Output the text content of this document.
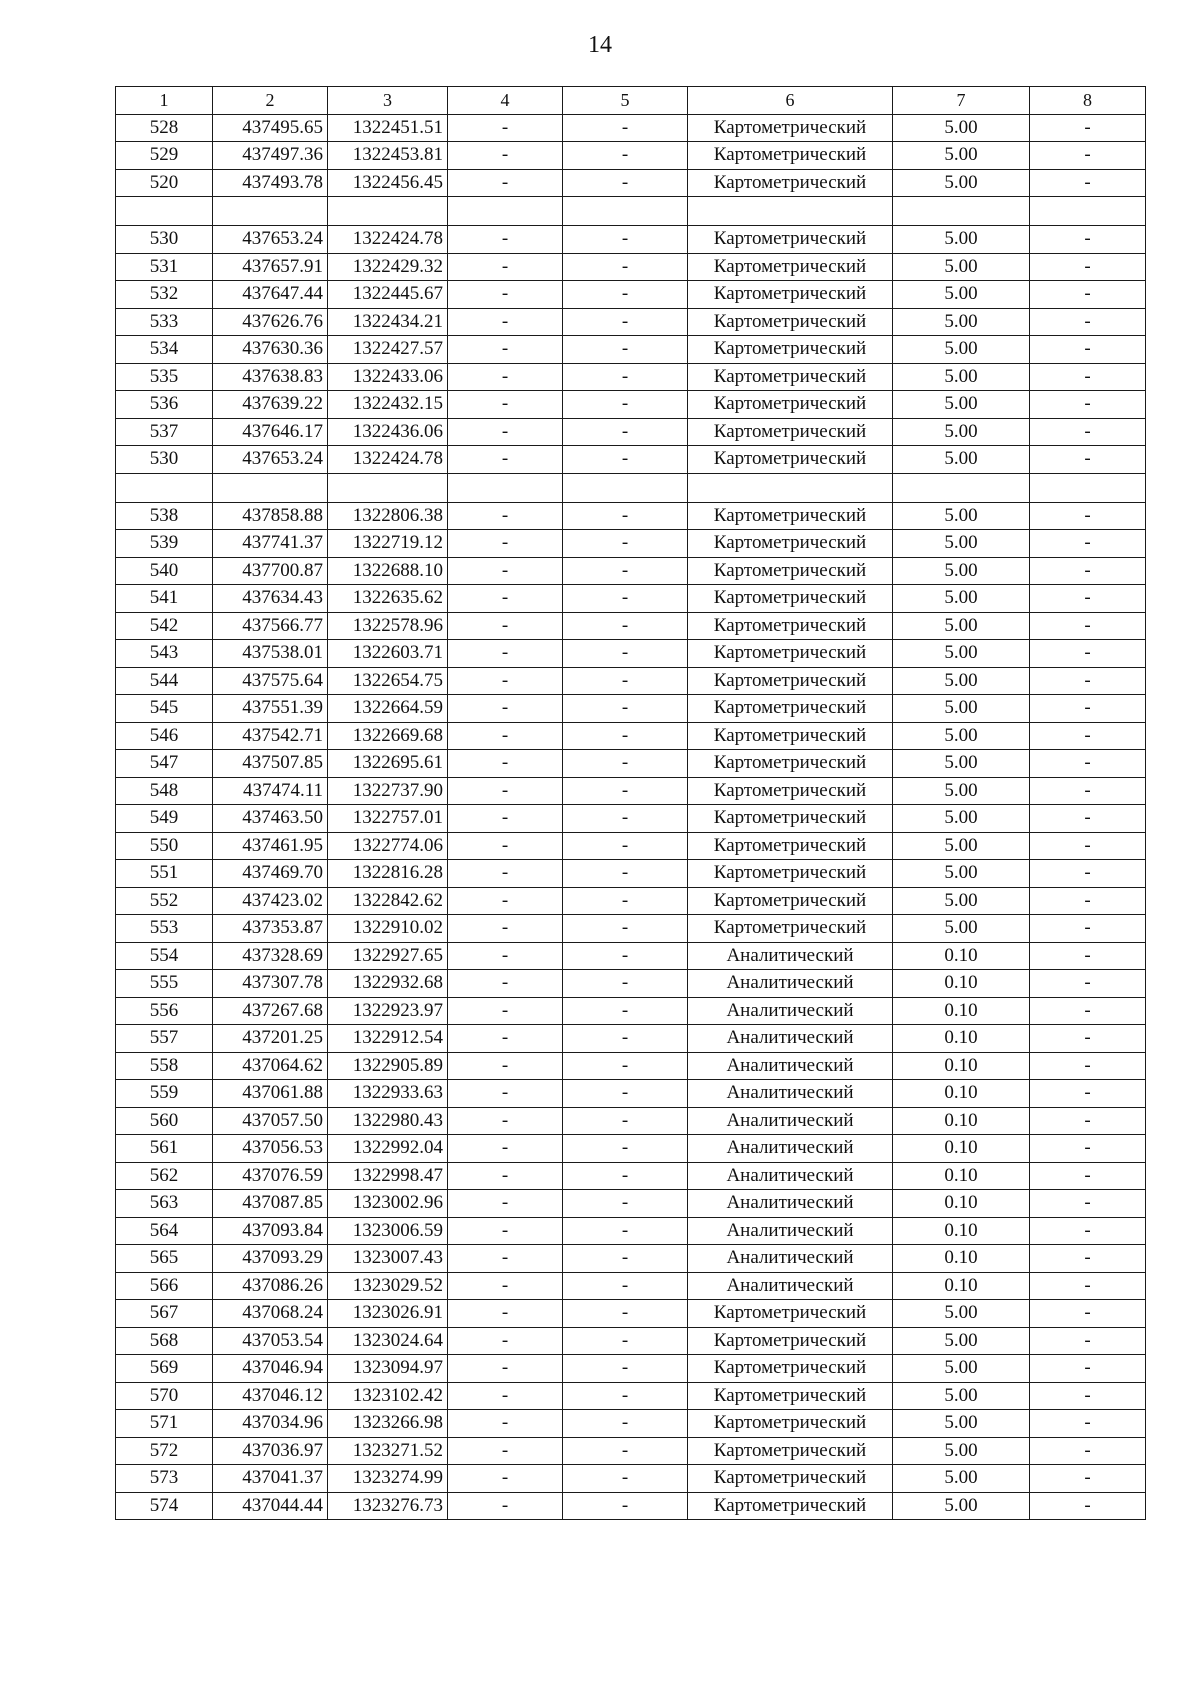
14
1	2	3	4	5	6	7	8
528	437495.65	1322451.51	-	-	Картометрический	5.00	-
529	437497.36	1322453.81	-	-	Картометрический	5.00	-
520	437493.78	1322456.45	-	-	Картометрический	5.00	-

530	437653.24	1322424.78	-	-	Картометрический	5.00	-
531	437657.91	1322429.32	-	-	Картометрический	5.00	-
532	437647.44	1322445.67	-	-	Картометрический	5.00	-
533	437626.76	1322434.21	-	-	Картометрический	5.00	-
534	437630.36	1322427.57	-	-	Картометрический	5.00	-
535	437638.83	1322433.06	-	-	Картометрический	5.00	-
536	437639.22	1322432.15	-	-	Картометрический	5.00	-
537	437646.17	1322436.06	-	-	Картометрический	5.00	-
530	437653.24	1322424.78	-	-	Картометрический	5.00	-

538	437858.88	1322806.38	-	-	Картометрический	5.00	-
539	437741.37	1322719.12	-	-	Картометрический	5.00	-
540	437700.87	1322688.10	-	-	Картометрический	5.00	-
541	437634.43	1322635.62	-	-	Картометрический	5.00	-
542	437566.77	1322578.96	-	-	Картометрический	5.00	-
543	437538.01	1322603.71	-	-	Картометрический	5.00	-
544	437575.64	1322654.75	-	-	Картометрический	5.00	-
545	437551.39	1322664.59	-	-	Картометрический	5.00	-
546	437542.71	1322669.68	-	-	Картометрический	5.00	-
547	437507.85	1322695.61	-	-	Картометрический	5.00	-
548	437474.11	1322737.90	-	-	Картометрический	5.00	-
549	437463.50	1322757.01	-	-	Картометрический	5.00	-
550	437461.95	1322774.06	-	-	Картометрический	5.00	-
551	437469.70	1322816.28	-	-	Картометрический	5.00	-
552	437423.02	1322842.62	-	-	Картометрический	5.00	-
553	437353.87	1322910.02	-	-	Картометрический	5.00	-
554	437328.69	1322927.65	-	-	Аналитический	0.10	-
555	437307.78	1322932.68	-	-	Аналитический	0.10	-
556	437267.68	1322923.97	-	-	Аналитический	0.10	-
557	437201.25	1322912.54	-	-	Аналитический	0.10	-
558	437064.62	1322905.89	-	-	Аналитический	0.10	-
559	437061.88	1322933.63	-	-	Аналитический	0.10	-
560	437057.50	1322980.43	-	-	Аналитический	0.10	-
561	437056.53	1322992.04	-	-	Аналитический	0.10	-
562	437076.59	1322998.47	-	-	Аналитический	0.10	-
563	437087.85	1323002.96	-	-	Аналитический	0.10	-
564	437093.84	1323006.59	-	-	Аналитический	0.10	-
565	437093.29	1323007.43	-	-	Аналитический	0.10	-
566	437086.26	1323029.52	-	-	Аналитический	0.10	-
567	437068.24	1323026.91	-	-	Картометрический	5.00	-
568	437053.54	1323024.64	-	-	Картометрический	5.00	-
569	437046.94	1323094.97	-	-	Картометрический	5.00	-
570	437046.12	1323102.42	-	-	Картометрический	5.00	-
571	437034.96	1323266.98	-	-	Картометрический	5.00	-
572	437036.97	1323271.52	-	-	Картометрический	5.00	-
573	437041.37	1323274.99	-	-	Картометрический	5.00	-
574	437044.44	1323276.73	-	-	Картометрический	5.00	-
